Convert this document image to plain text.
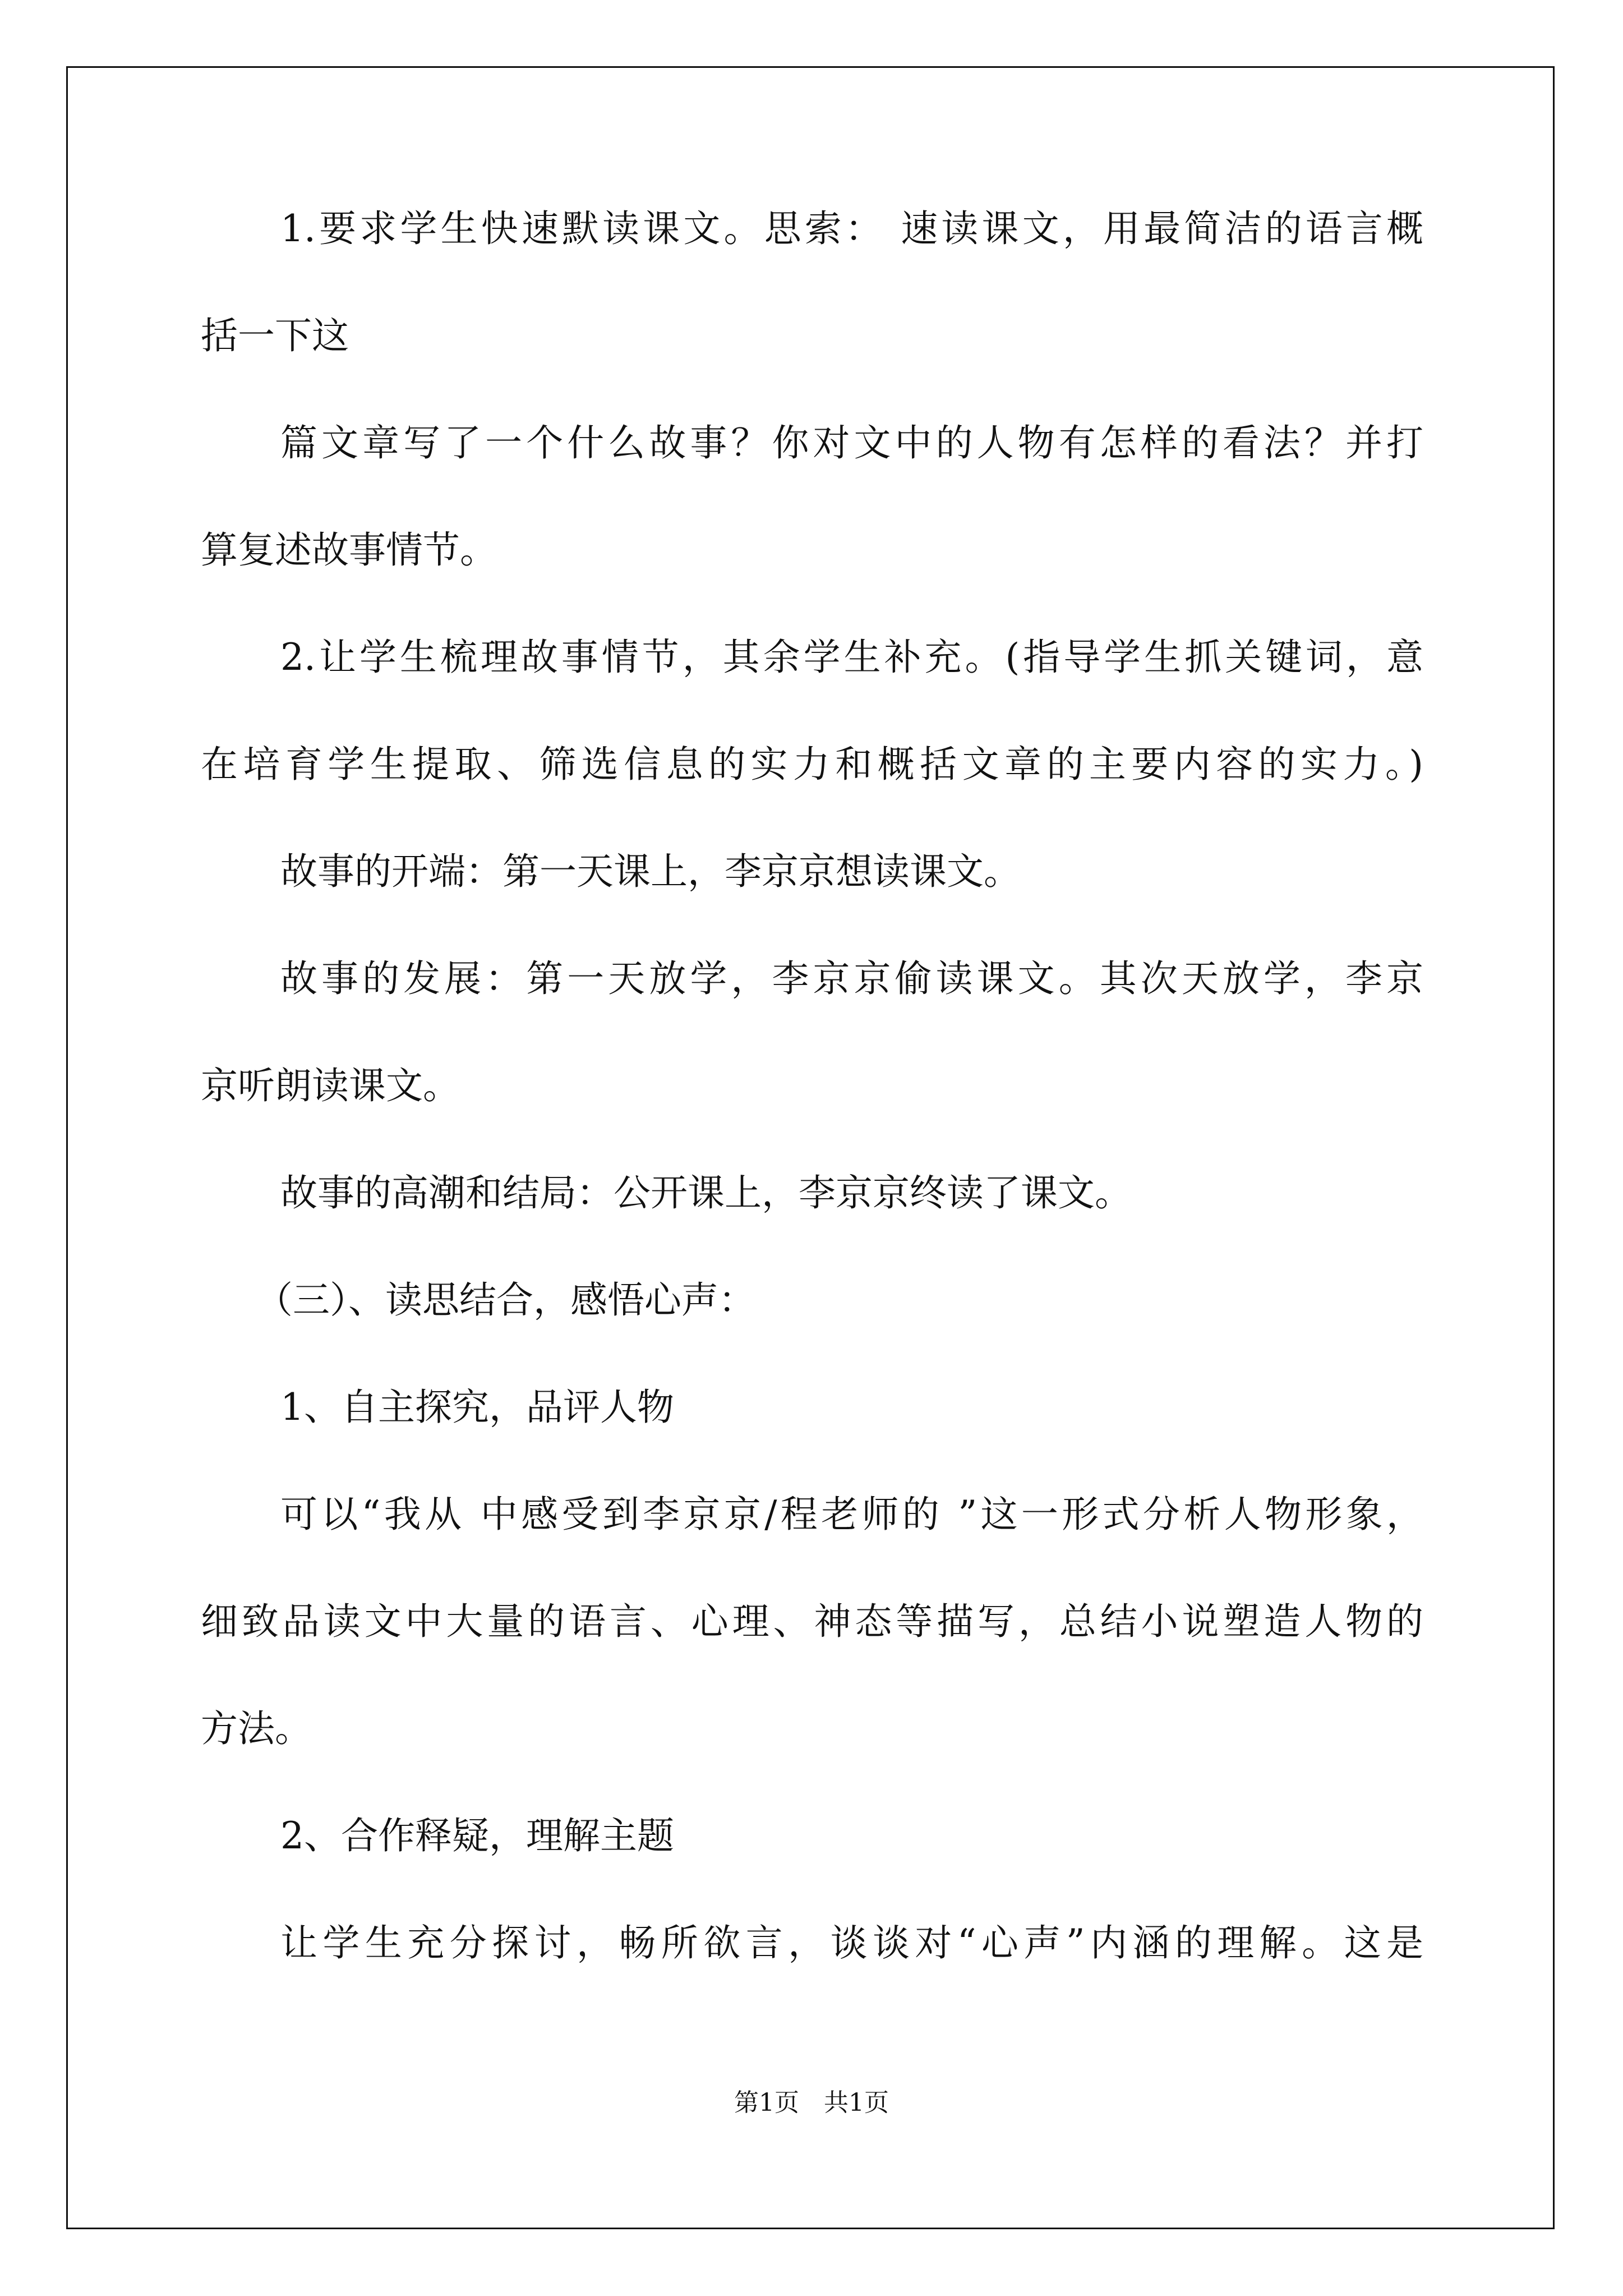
1.要求学生快速默读课文。思索： 速读课文，用最简洁的语言概
括一下这
篇文章写了一个什么故事？你对文中的人物有怎样的看法？并打
算复述故事情节。
2.让学生梳理故事情节，其余学生补充。(指导学生抓关键词，意
在培育学生提取、筛选信息的实力和概括文章的主要内容的实力。)
故事的开端：第一天课上，李京京想读课文。
故事的发展：第一天放学，李京京偷读课文。其次天放学，李京
京听朗读课文。
故事的高潮和结局：公开课上，李京京终读了课文。
（三）、读思结合，感悟心声：
1、自主探究，品评人物
可以“我从 中感受到李京京/程老师的 ”这一形式分析人物形象，
细致品读文中大量的语言、心理、神态等描写，总结小说塑造人物的
方法。
2、合作释疑，理解主题
让学生充分探讨，畅所欲言，谈谈对“心声”内涵的理解。这是
第1页　共1页
